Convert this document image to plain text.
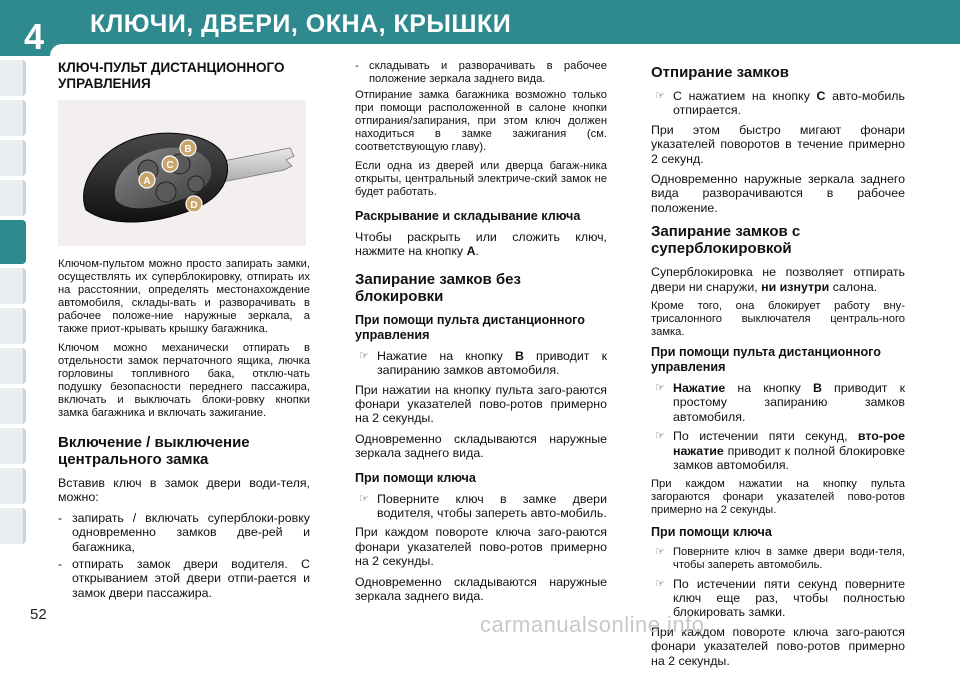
4 КЛЮЧИ, ДВЕРИ, ОКНА, КРЫШКИ
КЛЮЧ-ПУЛЬТ ДИСТАНЦИОННОГО УПРАВЛЕНИЯ
A
B
C
D

Ключом-пультом можно просто запирать замки, осуществлять их суперблокировку, отпирать их на расстоянии, определять местонахождение автомобиля, склады-вать и разворачивать в рабочее положе-ние наружные зеркала, а также приот-крывать крышку багажника.

Ключом можно механически отпирать в отдельности замок перчаточного ящика, лючка горловины топливного бака, отклю-чать подушку безопасности переднего пассажира, включать и выключать блоки-ровку кнопки замка багажника и включать зажигание.

Включение / выключение центрального замка

Вставив ключ в замок двери води-теля, можно:

- запирать / включать суперблоки-ровку одновременно замков две-рей и багажника,
- отпирать замок двери водителя. С открыванием этой двери отпи-рается и замок двери пассажира.
- складывать и разворачивать в рабочее положение зеркала заднего вида.

Отпирание замка багажника возможно только при помощи расположенной в салоне кнопки отпирания/запирания, при этом ключ должен находиться в замке зажигания (см. соответствующую главу).

Если одна из дверей или дверца багаж-ника открыты, центральный электриче-ский замок не будет работать.

Раскрывание и складывание ключа

Чтобы раскрыть или сложить ключ, нажмите на кнопку A.

Запирание замков без блокировки
При помощи пульта дистанционного управления
☞ Нажатие на кнопку B приводит к запиранию замков автомобиля.

При нажатии на кнопку пульта заго-раются фонари указателей пово-ротов примерно на 2 секунды.

Одновременно складываются наружные зеркала заднего вида.

При помощи ключа
☞ Поверните ключ в замке двери водителя, чтобы запереть авто-мобиль.

При каждом повороте ключа заго-раются фонари указателей пово-ротов примерно на 2 секунды.

Одновременно складываются наружные зеркала заднего вида.

Отпирание замков
☞ С нажатием на кнопку C авто-мобиль отпирается.

При этом быстро мигают фонари указателей поворотов в течение примерно 2 секунд.

Одновременно наружные зеркала заднего вида разворачиваются в рабочее положение.

Запирание замков с суперблокировкой

Суперблокировка не позволяет отпирать двери ни снаружи, ни изнутри салона.

Кроме того, она блокирует работу вну-трисалонного выключателя централь-ного замка.

При помощи пульта дистанционного управления
☞ Нажатие на кнопку B приводит к простому запиранию замков автомобиля.
☞ По истечении пяти секунд, вто-рое нажатие приводит к полной блокировке замков автомобиля.

При каждом нажатии на кнопку пульта загораются фонари указателей пово-ротов примерно на 2 секунды.

При помощи ключа
☞ Поверните ключ в замке двери води-теля, чтобы запереть автомобиль.
☞ По истечении пяти секунд поверните ключ еще раз, чтобы полностью блокировать замки.

При каждом повороте ключа заго-раются фонари указателей пово-ротов примерно на 2 секунды.

52	carmanualsonline.info
